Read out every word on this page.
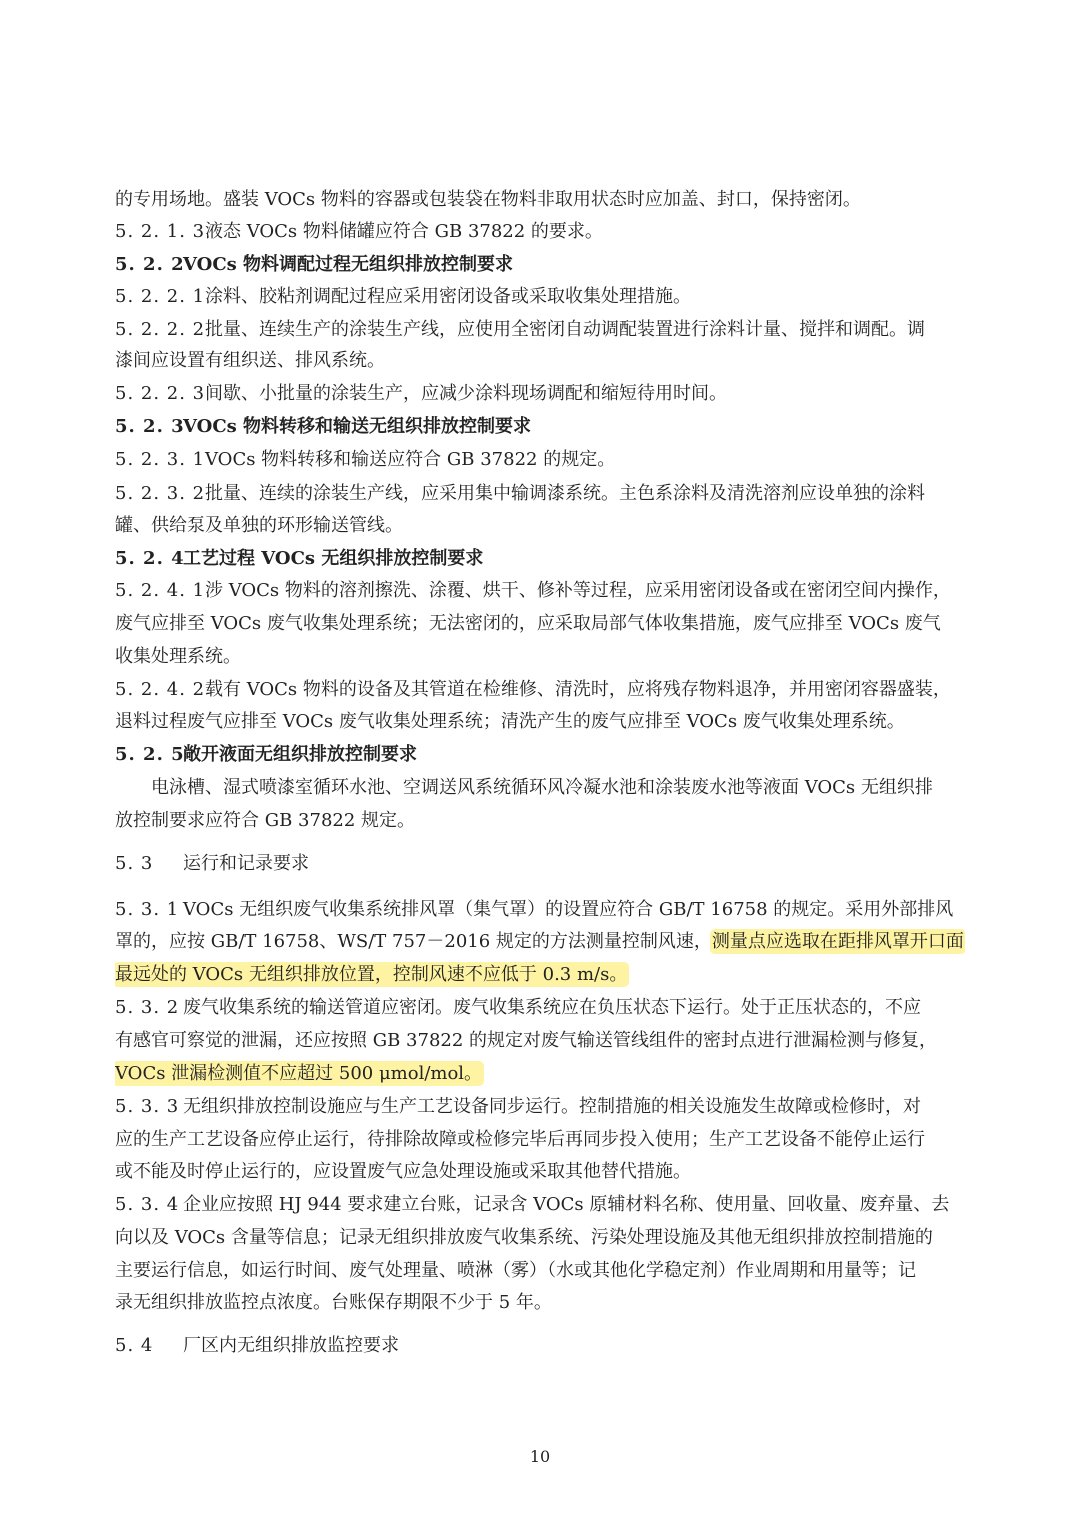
的专用场地。盛装 VOCs 物料的容器或包装袋在物料非取用状态时应加盖、封口，保持密闭。
5. 2. 1. 3液态 VOCs 物料储罐应符合 GB 37822 的要求。
5. 2. 2VOCs 物料调配过程无组织排放控制要求
5. 2. 2. 1涂料、胶粘剂调配过程应采用密闭设备或采取收集处理措施。
5. 2. 2. 2批量、连续生产的涂装生产线，应使用全密闭自动调配装置进行涂料计量、搅拌和调配。调
漆间应设置有组织送、排风系统。
5. 2. 2. 3间歇、小批量的涂装生产，应减少涂料现场调配和缩短待用时间。
5. 2. 3VOCs 物料转移和输送无组织排放控制要求
5. 2. 3. 1VOCs 物料转移和输送应符合 GB 37822 的规定。
5. 2. 3. 2批量、连续的涂装生产线，应采用集中输调漆系统。主色系涂料及清洗溶剂应设单独的涂料
罐、供给泵及单独的环形输送管线。
5. 2. 4工艺过程 VOCs 无组织排放控制要求
5. 2. 4. 1涉 VOCs 物料的溶剂擦洗、涂覆、烘干、修补等过程，应采用密闭设备或在密闭空间内操作，
废气应排至 VOCs 废气收集处理系统；无法密闭的，应采取局部气体收集措施，废气应排至 VOCs 废气
收集处理系统。
5. 2. 4. 2载有 VOCs 物料的设备及其管道在检维修、清洗时，应将残存物料退净，并用密闭容器盛装，
退料过程废气应排至 VOCs 废气收集处理系统；清洗产生的废气应排至 VOCs 废气收集处理系统。
5. 2. 5敞开液面无组织排放控制要求
电泳槽、湿式喷漆室循环水池、空调送风系统循环风冷凝水池和涂装废水池等液面 VOCs 无组织排
放控制要求应符合 GB 37822 规定。
5. 3 运行和记录要求
5. 3. 1 VOCs 无组织废气收集系统排风罩（集气罩）的设置应符合 GB/T 16758 的规定。采用外部排风
罩的，应按 GB/T 16758、WS/T 757－2016 规定的方法测量控制风速，测量点应选取在距排风罩开口面
最远处的 VOCs 无组织排放位置，控制风速不应低于 0.3 m/s。
5. 3. 2 废气收集系统的输送管道应密闭。废气收集系统应在负压状态下运行。处于正压状态的，不应
有感官可察觉的泄漏，还应按照 GB 37822 的规定对废气输送管线组件的密封点进行泄漏检测与修复，
VOCs 泄漏检测值不应超过 500 μmol/mol。
5. 3. 3 无组织排放控制设施应与生产工艺设备同步运行。控制措施的相关设施发生故障或检修时，对
应的生产工艺设备应停止运行，待排除故障或检修完毕后再同步投入使用；生产工艺设备不能停止运行
或不能及时停止运行的，应设置废气应急处理设施或采取其他替代措施。
5. 3. 4 企业应按照 HJ 944 要求建立台账，记录含 VOCs 原辅材料名称、使用量、回收量、废弃量、去
向以及 VOCs 含量等信息；记录无组织排放废气收集系统、污染处理设施及其他无组织排放控制措施的
主要运行信息，如运行时间、废气处理量、喷淋（雾）（水或其他化学稳定剂）作业周期和用量等；记
录无组织排放监控点浓度。台账保存期限不少于 5 年。
5. 4 厂区内无组织排放监控要求
10
